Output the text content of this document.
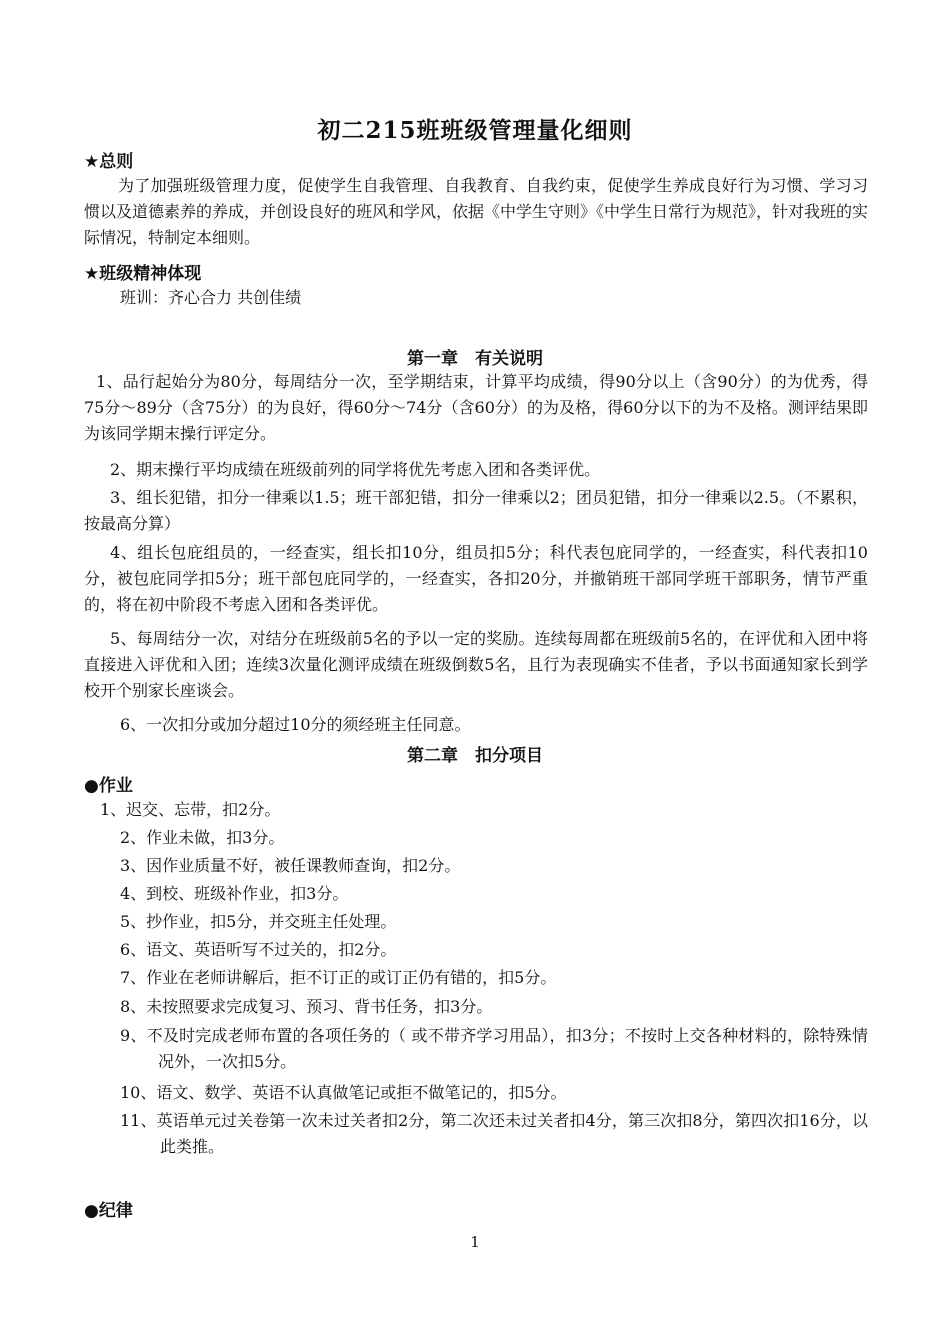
初二215班班级管理量化细则
★总则

为了加强班级管理力度，促使学生自我管理、自我教育、自我约束，促使学生养成良好行为习惯、学习习惯以及道德素养的养成，并创设良好的班风和学风，依据《中学生守则》《中学生日常行为规范》，针对我班的实际情况，特制定本细则。

★班级精神体现

班训：齐心合力 共创佳绩

第一章　有关说明

1、品行起始分为80分，每周结分一次，至学期结束，计算平均成绩，得90分以上（含90分）的为优秀，得75分～89分（含75分）的为良好，得60分～74分（含60分）的为及格，得60分以下的为不及格。测评结果即为该同学期末操行评定分。

2、期末操行平均成绩在班级前列的同学将优先考虑入团和各类评优。

3、组长犯错，扣分一律乘以1.5；班干部犯错，扣分一律乘以2；团员犯错，扣分一律乘以2.5。（不累积，按最高分算）

4、组长包庇组员的，一经查实，组长扣10分，组员扣5分；科代表包庇同学的，一经查实，科代表扣10分，被包庇同学扣5分；班干部包庇同学的，一经查实，各扣20分，并撤销班干部同学班干部职务，情节严重的，将在初中阶段不考虑入团和各类评优。

5、每周结分一次，对结分在班级前5名的予以一定的奖励。连续每周都在班级前5名的，在评优和入团中将直接进入评优和入团；连续3次量化测评成绩在班级倒数5名，且行为表现确实不佳者，予以书面通知家长到学校开个别家长座谈会。

6、一次扣分或加分超过10分的须经班主任同意。

第二章　扣分项目
●作业

1、迟交、忘带，扣2分。

2、作业未做，扣3分。

3、因作业质量不好，被任课教师查询，扣2分。

4、到校、班级补作业，扣3分。

5、抄作业，扣5分，并交班主任处理。

6、语文、英语听写不过关的，扣2分。

7、作业在老师讲解后，拒不订正的或订正仍有错的，扣5分。

8、未按照要求完成复习、预习、背书任务，扣3分。

9、不及时完成老师布置的各项任务的（ 或不带齐学习用品），扣3分；不按时上交各种材料的，除特殊情况外，一次扣5分。

10、语文、数学、英语不认真做笔记或拒不做笔记的，扣5分。

11、英语单元过关卷第一次未过关者扣2分，第二次还未过关者扣4分，第三次扣8分，第四次扣16分，以此类推。

●纪律
1
